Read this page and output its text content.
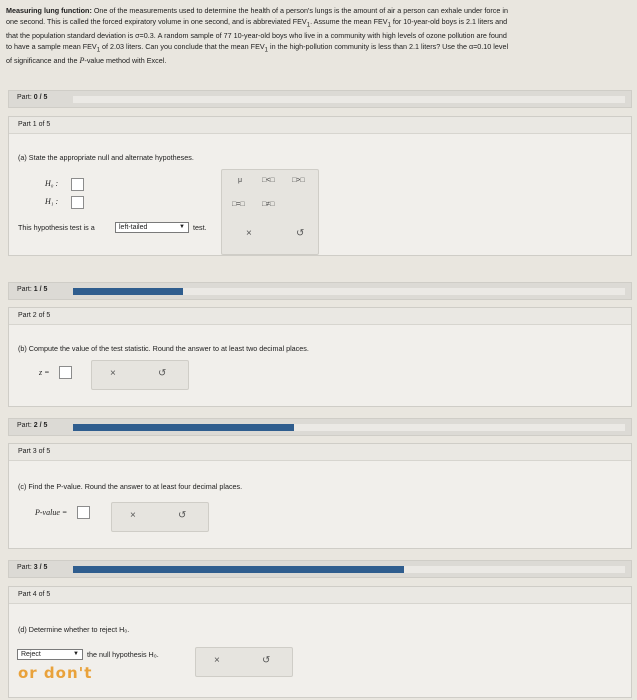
Measuring lung function: One of the measurements used to determine the health of a person's lungs is the amount of air a person can exhale under force in
one second. This is called the forced expiratory volume in one second, and is abbreviated $FEV_1$. Assume the mean $FEV_1$ for 10-year-old boys is 2.1 liters and
that the population standard deviation is σ=0.3. A random sample of 77 10-year-old boys who live in a community with high levels of ozone pollution are found
to have a sample mean $FEV_1$ of 2.03 liters. Can you conclude that the mean $FEV_1$ in the high-pollution community is less than 2.1 liters? Use the α=0.10 level
of significance and the P-value method with Excel.
Part: 0 / 5
Part 1 of 5
(a) State the appropriate null and alternate hypotheses.
H₀ :
H₁ :
This hypothesis test is a	left-tailed	▼ test.
μ	□<□ □>□
□=□ □≠□
×	↺
Part: 1 / 5
Part 2 of 5
(b) Compute the value of the test statistic. Round the answer to at least two decimal places.
z =	×	↺
Part: 2 / 5
Part 3 of 5
(c) Find the P-value. Round the answer to at least four decimal places.
P-value =	×	↺
Part: 3 / 5
Part 4 of 5
(d) Determine whether to reject H₀.
Reject	▼ the null hypothesis H₀.
×	↺
or don't
